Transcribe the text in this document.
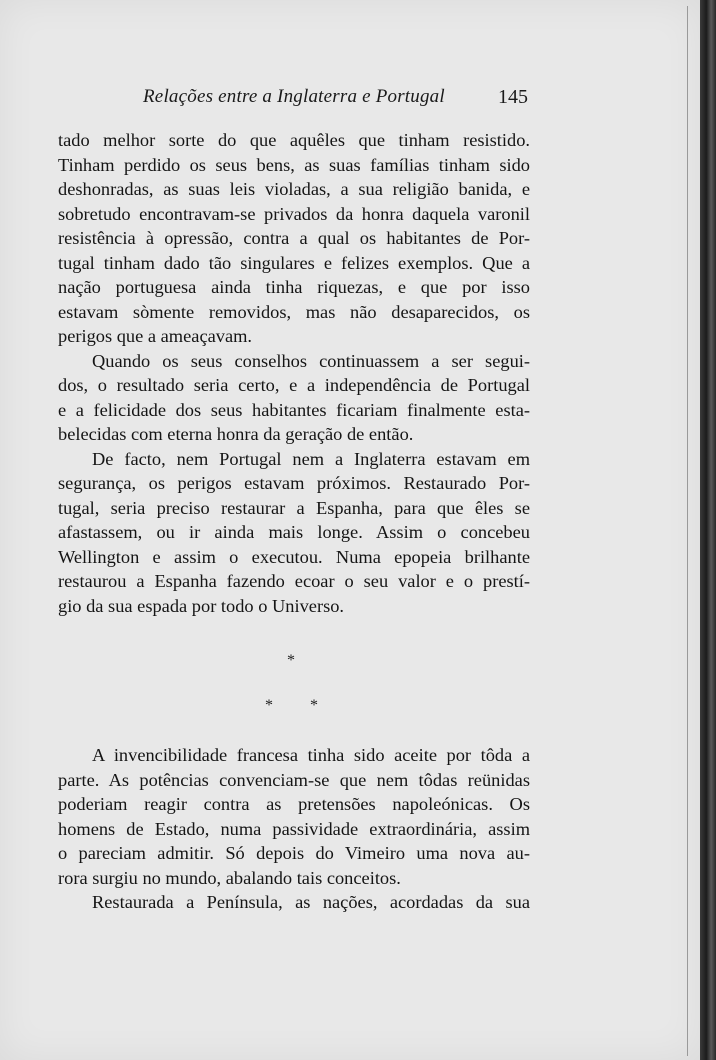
Relações entre a Inglaterra e Portugal	145
tado melhor sorte do que aquêles que tinham resistido.
Tinham perdido os seus bens, as suas famílias tinham sido
deshonradas, as suas leis violadas, a sua religião banida, e
sobretudo encontravam-se privados da honra daquela varonil
resistência à opressão, contra a qual os habitantes de Por-
tugal tinham dado tão singulares e felizes exemplos. Que a
nação portuguesa ainda tinha riquezas, e que por isso
estavam sòmente removidos, mas não desaparecidos, os
perigos que a ameaçavam.
Quando os seus conselhos continuassem a ser segui-
dos, o resultado seria certo, e a independência de Portugal
e a felicidade dos seus habitantes ficariam finalmente esta-
belecidas com eterna honra da geração de então.
De facto, nem Portugal nem a Inglaterra estavam em
segurança, os perigos estavam próximos. Restaurado Por-
tugal, seria preciso restaurar a Espanha, para que êles se
afastassem, ou ir ainda mais longe. Assim o concebeu
Wellington e assim o executou. Numa epopeia brilhante
restaurou a Espanha fazendo ecoar o seu valor e o prestí-
gio da sua espada por todo o Universo.
*
* *
A invencibilidade francesa tinha sido aceite por tôda a
parte. As potências convenciam-se que nem tôdas reünidas
poderiam reagir contra as pretensões napoleónicas. Os
homens de Estado, numa passividade extraordinária, assim
o pareciam admitir. Só depois do Vimeiro uma nova au-
rora surgiu no mundo, abalando tais conceitos.
Restaurada a Península, as nações, acordadas da sua
